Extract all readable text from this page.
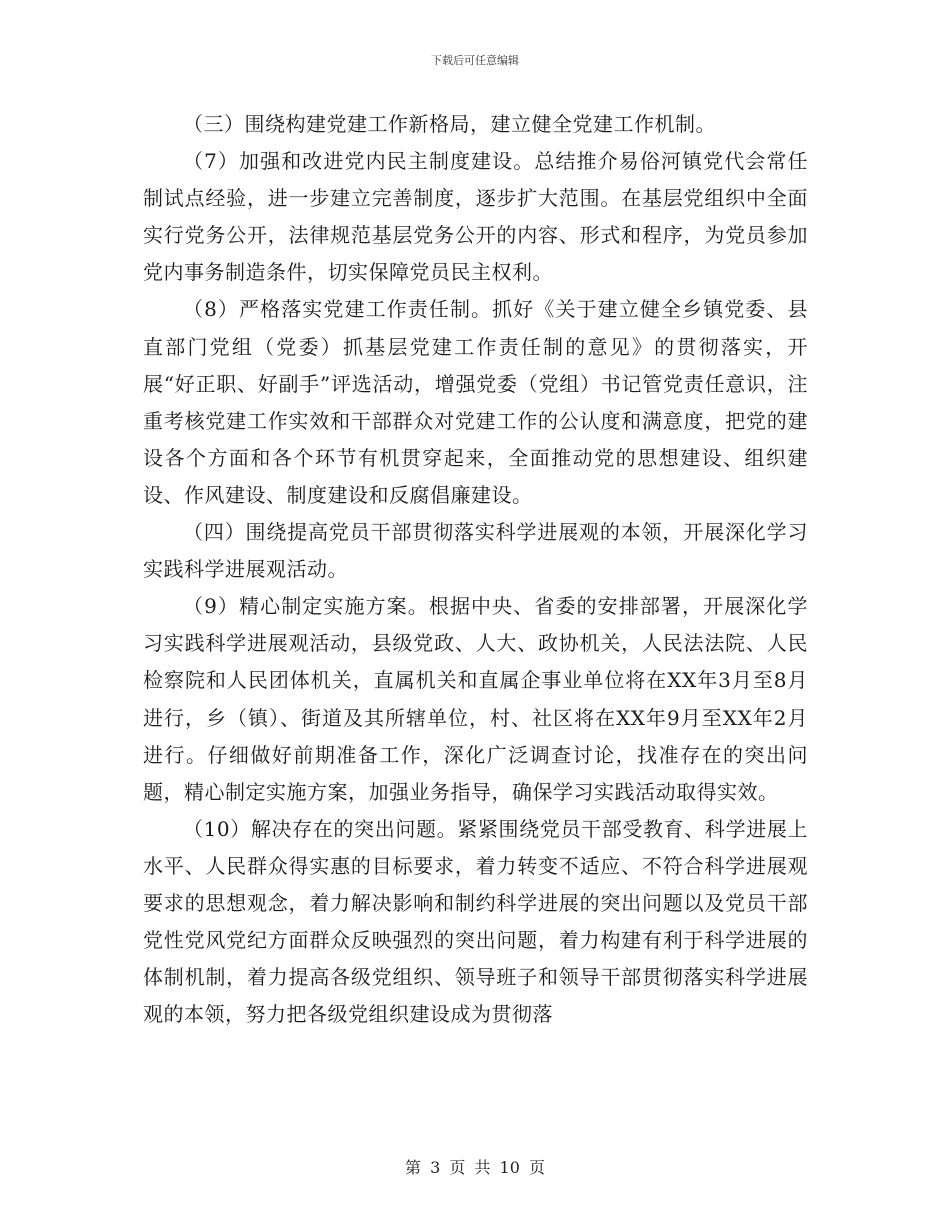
下载后可任意编辑

（三）围绕构建党建工作新格局，建立健全党建工作机制。

（7）加强和改进党内民主制度建设。总结推介易俗河镇党代会常任制试点经验，进一步建立完善制度，逐步扩大范围。在基层党组织中全面实行党务公开，法律规范基层党务公开的内容、形式和程序，为党员参加党内事务制造条件，切实保障党员民主权利。

（8）严格落实党建工作责任制。抓好《关于建立健全乡镇党委、县直部门党组（党委）抓基层党建工作责任制的意见》的贯彻落实，开展“好正职、好副手”评选活动，增强党委（党组）书记管党责任意识，注重考核党建工作实效和干部群众对党建工作的公认度和满意度，把党的建设各个方面和各个环节有机贯穿起来，全面推动党的思想建设、组织建设、作风建设、制度建设和反腐倡廉建设。

（四）围绕提高党员干部贯彻落实科学进展观的本领，开展深化学习实践科学进展观活动。

（9）精心制定实施方案。根据中央、省委的安排部署，开展深化学习实践科学进展观活动，县级党政、人大、政协机关，人民法法院、人民检察院和人民团体机关，直属机关和直属企事业单位将在XX年3月至8月进行，乡（镇）、街道及其所辖单位，村、社区将在XX年9月至XX年2月进行。仔细做好前期准备工作，深化广泛调查讨论，找准存在的突出问题，精心制定实施方案，加强业务指导，确保学习实践活动取得实效。

（10）解决存在的突出问题。紧紧围绕党员干部受教育、科学进展上水平、人民群众得实惠的目标要求，着力转变不适应、不符合科学进展观要求的思想观念，着力解决影响和制约科学进展的突出问题以及党员干部党性党风党纪方面群众反映强烈的突出问题，着力构建有利于科学进展的体制机制，着力提高各级党组织、领导班子和领导干部贯彻落实科学进展观的本领，努力把各级党组织建设成为贯彻落

第 3 页 共 10 页
